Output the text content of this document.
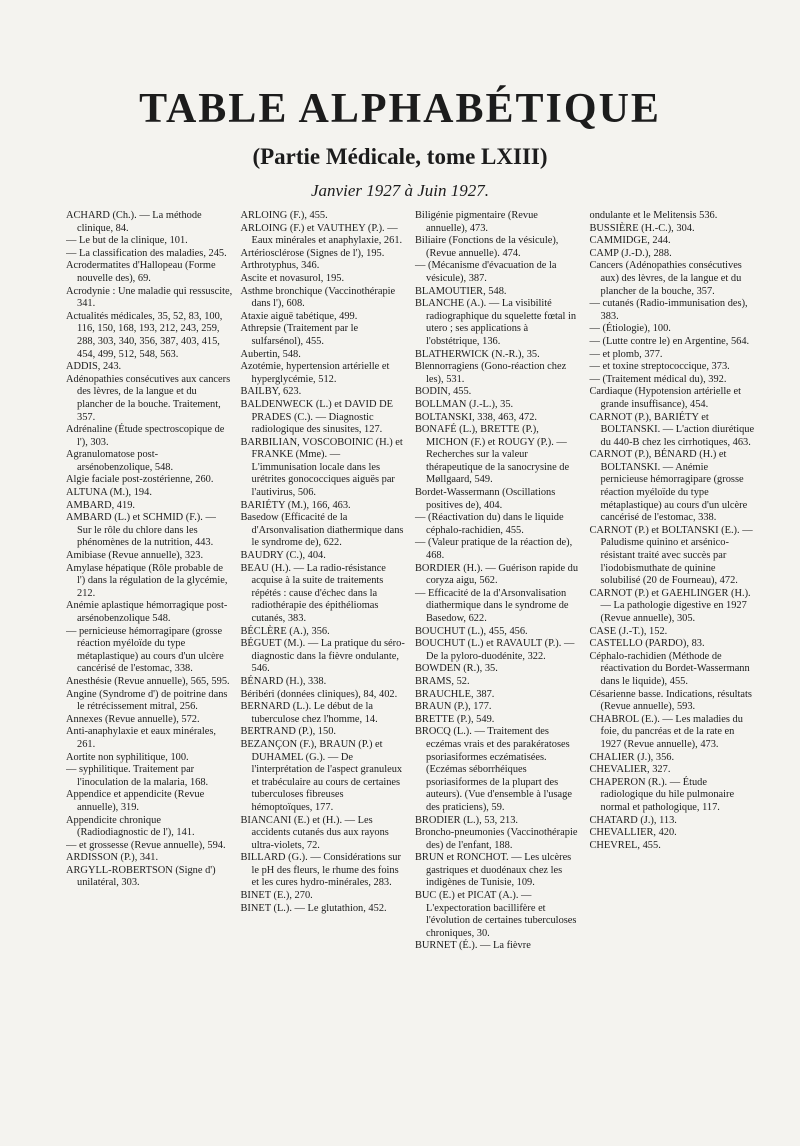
TABLE ALPHABÉTIQUE
(Partie Médicale, tome LXIII)
Janvier 1927 à Juin 1927.

ACHARD (Ch.). — La méthode clinique, 84.

— Le but de la clinique, 101.

— La classification des maladies, 245.

Acrodermatites d'Hallopeau (Forme nouvelle des), 69.

Acrodynie : Une maladie qui ressuscite, 341.

Actualités médicales, 35, 52, 83, 100, 116, 150, 168, 193, 212, 243, 259, 288, 303, 340, 356, 387, 403, 415, 454, 499, 512, 548, 563.

ADDIS, 243.

Adénopathies consécutives aux cancers des lèvres, de la langue et du plancher de la bouche. Traitement, 357.

Adrénaline (Étude spectroscopique de l'), 303.

Agranulomatose post-arsénobenzolique, 548.

Algie faciale post-zostérienne, 260.

ALTUNA (M.), 194.

AMBARD, 419.

AMBARD (L.) et SCHMID (F.). — Sur le rôle du chlore dans les phénomènes de la nutrition, 443.

Amibiase (Revue annuelle), 323.

Amylase hépatique (Rôle probable de l') dans la régulation de la glycémie, 212.

Anémie aplastique hémorragique post-arsénobenzolique 548.

— pernicieuse hémorragipare (grosse réaction myéloïde du type métaplastique) au cours d'un ulcère cancérisé de l'estomac, 338.

Anesthésie (Revue annuelle), 565, 595.

Angine (Syndrome d') de poitrine dans le rétrécissement mitral, 256.

Annexes (Revue annuelle), 572.

Anti-anaphylaxie et eaux minérales, 261.

Aortite non syphilitique, 100.

— syphilitique. Traitement par l'inoculation de la malaria, 168.

Appendice et appendicite (Revue annuelle), 319.

Appendicite chronique (Radiodiagnostic de l'), 141.

— et grossesse (Revue annuelle), 594.

ARDISSON (P.), 341.

ARGYLL-ROBERTSON (Signe d') unilatéral, 303.

ARLOING (F.), 455.

ARLOING (F.) et VAUTHEY (P.). — Eaux minérales et anaphylaxie, 261.

Artériosclérose (Signes de l'), 195.

Arthrotyphus, 346.

Ascite et novasurol, 195.

Asthme bronchique (Vaccinothérapie dans l'), 608.

Ataxie aiguë tabétique, 499.

Athrepsie (Traitement par le sulfarsénol), 455.

Aubertin, 548.

Azotémie, hypertension artérielle et hyperglycémie, 512.

BAILBY, 623.

BALDENWECK (L.) et DAVID DE PRADES (C.). — Diagnostic radiologique des sinusites, 127.

BARBILIAN, VOSCOBOINIC (H.) et FRANKE (Mme). — L'immunisation locale dans les urétrites gonococciques aiguës par l'autivirus, 506.

BARIÉTY (M.), 166, 463.

Basedow (Efficacité de la d'Arsonvalisation diathermique dans le syndrome de), 622.

BAUDRY (C.), 404.

BEAU (H.). — La radio-résistance acquise à la suite de traitements répétés : cause d'échec dans la radiothérapie des épithéliomas cutanés, 383.

BÉCLÈRE (A.), 356.

BÉGUET (M.). — La pratique du séro-diagnostic dans la fièvre ondulante, 546.

BÉNARD (H.), 338.

Béribéri (données cliniques), 84, 402.

BERNARD (L.). Le début de la tuberculose chez l'homme, 14.

BERTRAND (P.), 150.

BEZANÇON (F.), BRAUN (P.) et DUHAMEL (G.). — De l'interprétation de l'aspect granuleux et trabéculaire au cours de certaines tuberculoses fibreuses hémoptoïques, 177.

BIANCANI (E.) et (H.). — Les accidents cutanés dus aux rayons ultra-violets, 72.

BILLARD (G.). — Considérations sur le pH des fleurs, le rhume des foins et les cures hydro-minérales, 283.

BINET (E.), 270.

BINET (L.). — Le glutathion, 452.

Biligénie pigmentaire (Revue annuelle), 473.

Biliaire (Fonctions de la vésicule), (Revue annuelle). 474.

— (Mécanisme d'évacuation de la vésicule), 387.

BLAMOUTIER, 548.

BLANCHE (A.). — La visibilité radiographique du squelette fœtal in utero ; ses applications à l'obstétrique, 136.

BLATHERWICK (N.-R.), 35.

Blennorragiens (Gono-réaction chez les), 531.

BODIN, 455.

BOLLMAN (J.-L.), 35.

BOLTANSKI, 338, 463, 472.

BONAFÉ (L.), BRETTE (P.), MICHON (F.) et ROUGY (P.). — Recherches sur la valeur thérapeutique de la sanocrysine de Møllgaard, 549.

Bordet-Wassermann (Oscillations positives de), 404.

— (Réactivation du) dans le liquide céphalo-rachidien, 455.

— (Valeur pratique de la réaction de), 468.

BORDIER (H.). — Guérison rapide du coryza aigu, 562.

— Efficacité de la d'Arsonvalisation diathermique dans le syndrome de Basedow, 622.

BOUCHUT (L.), 455, 456.

BOUCHUT (L.) et RAVAULT (P.). — De la pyloro-duodénite, 322.

BOWDEN (R.), 35.

BRAMS, 52.

BRAUCHLE, 387.

BRAUN (P.), 177.

BRETTE (P.), 549.

BROCQ (L.). — Traitement des eczémas vrais et des parakératoses psoriasiformes eczématisées. (Eczémas séborrhéiques psoriasiformes de la plupart des auteurs). (Vue d'ensemble à l'usage des praticiens), 59.

BRODIER (L.), 53, 213.

Broncho-pneumonies (Vaccinothérapie des) de l'enfant, 188.

BRUN et RONCHOT. — Les ulcères gastriques et duodénaux chez les indigènes de Tunisie, 109.

BUC (E.) et PICAT (A.). — L'expectoration bacillifère et l'évolution de certaines tuberculoses chroniques, 30.

BURNET (É.). — La fièvre

ondulante et le Melitensis 536.

BUSSIÈRE (H.-C.), 304.

CAMMIDGE, 244.

CAMP (J.-D.), 288.

Cancers (Adénopathies consécutives aux) des lèvres, de la langue et du plancher de la bouche, 357.

— cutanés (Radio-immunisation des), 383.

— (Étiologie), 100.

— (Lutte contre le) en Argentine, 564.

— et plomb, 377.

— et toxine streptococcique, 373.

— (Traitement médical du), 392.

Cardiaque (Hypotension artérielle et grande insuffisance), 454.

CARNOT (P.), BARIÉTY et BOLTANSKI. — L'action diurétique du 440-B chez les cirrhotiques, 463.

CARNOT (P.), BÉNARD (H.) et BOLTANSKI. — Anémie pernicieuse hémorragipare (grosse réaction myéloïde du type métaplastique) au cours d'un ulcère cancérisé de l'estomac, 338.

CARNOT (P.) et BOLTANSKI (E.). — Paludisme quinino et arsénico-résistant traité avec succès par l'iodobismuthate de quinine solubilisé (20 de Fourneau), 472.

CARNOT (P.) et GAEHLINGER (H.). — La pathologie digestive en 1927 (Revue annuelle), 305.

CASE (J.-T.), 152.

CASTELLO (PARDO), 83.

Céphalo-rachidien (Méthode de réactivation du Bordet-Wassermann dans le liquide), 455.

Césarienne basse. Indications, résultats (Revue annuelle), 593.

CHABROL (E.). — Les maladies du foie, du pancréas et de la rate en 1927 (Revue annuelle), 473.

CHALIER (J.), 356.

CHEVALIER, 327.

CHAPERON (R.). — Étude radiologique du hile pulmonaire normal et pathologique, 117.

CHATARD (J.), 113.

CHEVALLIER, 420.

CHEVREL, 455.
